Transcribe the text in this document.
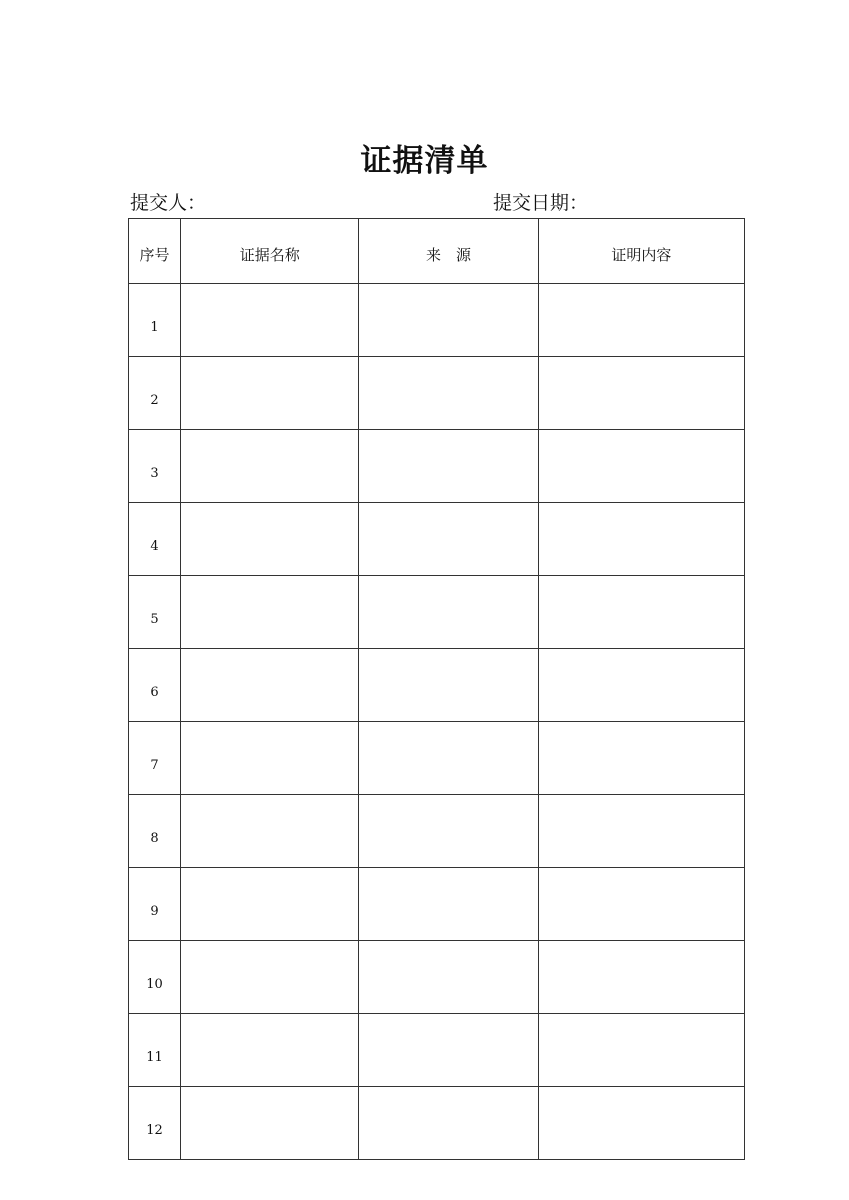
证据清单
提交人：	提交日期：
序号	证据名称	来　源	证明内容
1			
2			
3			
4			
5			
6			
7			
8			
9			
10			
11			
12			
